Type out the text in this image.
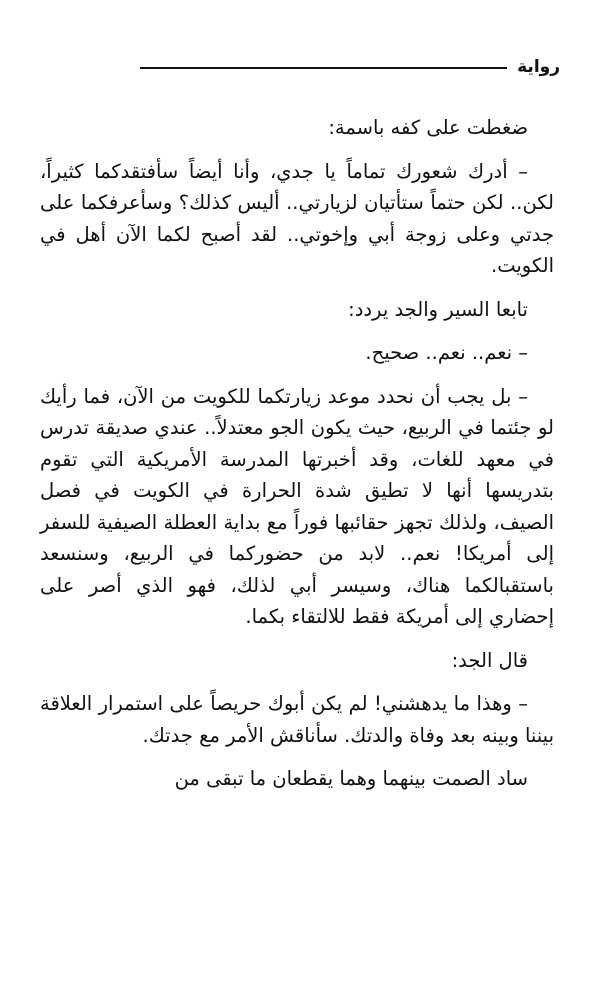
رواية

ضغطت على كفه باسمة:

– أدرك شعورك تماماً يا جدي، وأنا أيضاً سأفتقدكما كثيراً، لكن.. لكن حتماً ستأتيان لزيارتي.. أليس كذلك؟ وسأعرفكما على جدتي وعلى زوجة أبي وإخوتي.. لقد أصبح لكما الآن أهل في الكويت.

تابعا السير والجد يردد:

– نعم.. نعم.. صحيح.

– بل يجب أن نحدد موعد زيارتكما للكويت من الآن، فما رأيك لو جئتما في الربيع، حيث يكون الجو معتدلاً.. عندي صديقة تدرس في معهد للغات، وقد أخبرتها المدرسة الأمريكية التي تقوم بتدريسها أنها لا تطيق شدة الحرارة في الكويت في فصل الصيف، ولذلك تجهز حقائبها فوراً مع بداية العطلة الصيفية للسفر إلى أمريكا! نعم.. لابد من حضوركما في الربيع، وسنسعد باستقبالكما هناك، وسيسر أبي لذلك، فهو الذي أصر على إحضاري إلى أمريكة فقط للالتقاء بكما.

قال الجد:

– وهذا ما يدهشني! لم يكن أبوك حريصاً على استمرار العلاقة بيننا وبينه بعد وفاة والدتك. سأناقش الأمر مع جدتك.

ساد الصمت بينهما وهما يقطعان ما تبقى من
